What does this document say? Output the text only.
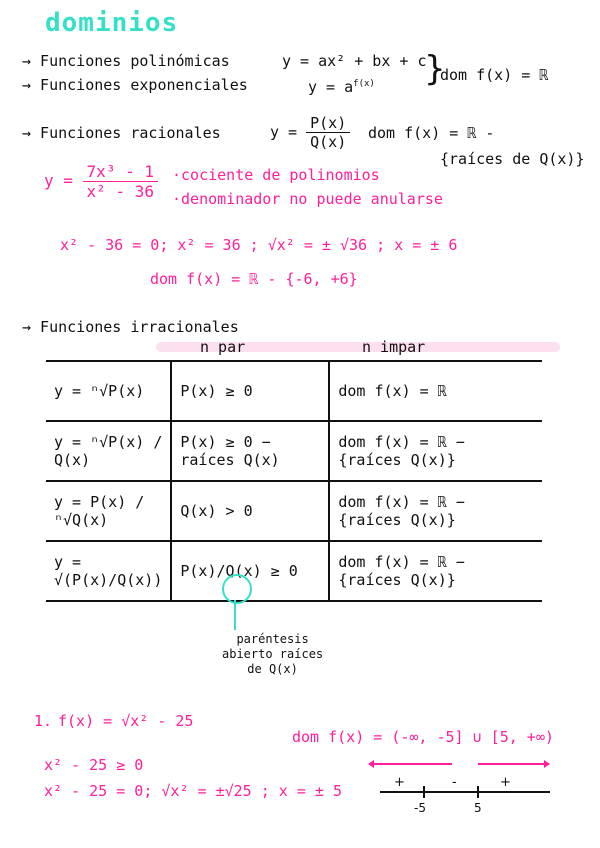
dominios
→ Funciones polinómicas	y = ax² + bx + c
→ Funciones exponenciales	$y = a^{f(x)}$ }
dom f(x) = ℝ
→ Funciones racionales	$y = \frac{P(x)}{Q(x)}$ dom f(x) = ℝ -
{raíces de Q(x)}
$y = \frac{\text{7x³ - 1}}{\text{x² - 36}}$ ·cociente de polinomios
·denominador no puede anularse
x² - 36 = 0; x² = 36 ; √x² = ± √36 ; x = ± 6
dom f(x) = ℝ - {-6, +6}
→ Funciones irracionales
n par	n impar
y = ⁿ√P(x)	P(x) ≥ 0	dom f(x) = ℝ
y = ⁿ√P(x) / Q(x)	P(x) ≥ 0 − raíces Q(x)	dom f(x) = ℝ − {raíces Q(x)}
y = P(x) / ⁿ√Q(x)	Q(x) > 0	dom f(x) = ℝ − {raíces Q(x)}
y = √(P(x)/Q(x))	P(x)/Q(x) ≥ 0	dom f(x) = ℝ − {raíces Q(x)}
paréntesis
abierto raíces
de Q(x)
1. f(x) = √x² - 25
dom f(x) = (-∞, -5] ∪ [5, +∞)
x² - 25 ≥ 0
x² - 25 = 0; √x² = ±√25 ; x = ± 5	+	-	+
-5	5
